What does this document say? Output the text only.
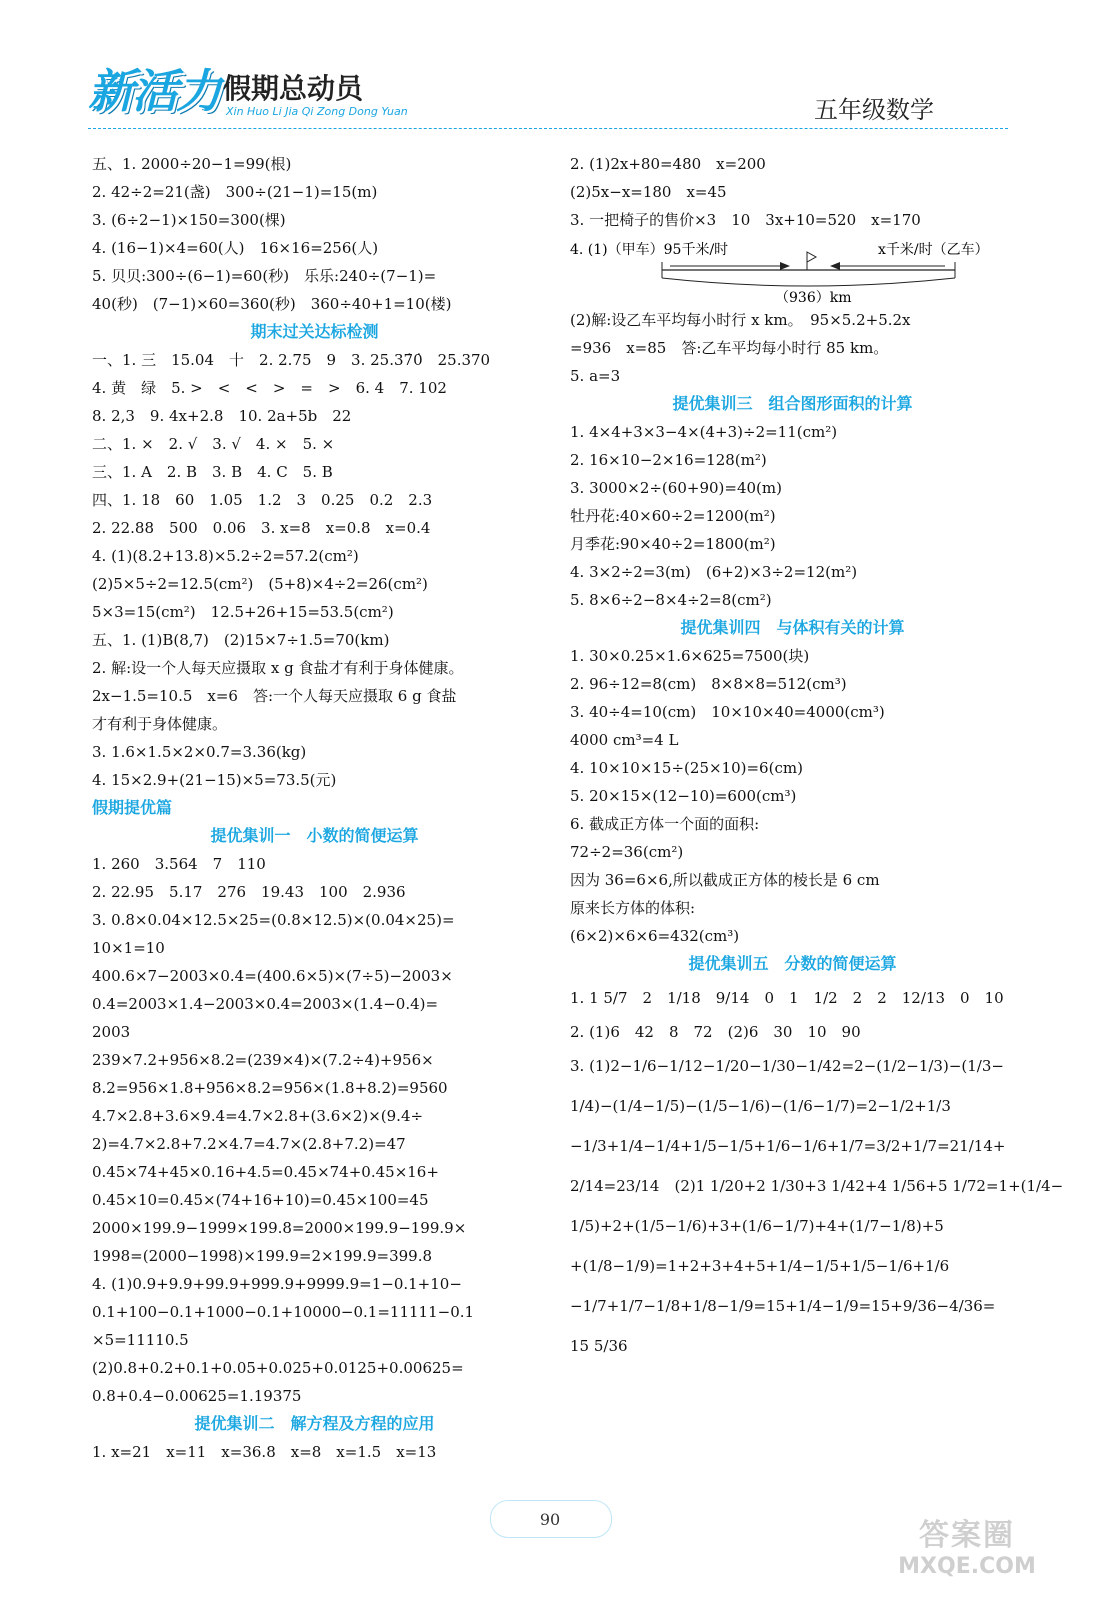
新活力 假期总动员
Xin Huo Li Jia Qi Zong Dong Yuan	五年级数学
五、1. 2000÷20−1=99(根)
2. 42÷2=21(盏)　300÷(21−1)=15(m)
3. (6÷2−1)×150=300(棵)
4. (16−1)×4=60(人)　16×16=256(人)
5. 贝贝:300÷(6−1)=60(秒)　乐乐:240÷(7−1)=
40(秒)　(7−1)×60=360(秒)　360÷40+1=10(楼)
期末过关达标检测
一、1. 三　15.04　十　2. 2.75　9　3. 25.37̇0̇　25.370
4. 黄　绿　5. >　<　<　>　=　>　6. 4　7. 102
8. 2,3　9. 4x+2.8　10. 2a+5b　22
二、1. ×　2. √　3. √　4. ×　5. ×
三、1. A　2. B　3. B　4. C　5. B
四、1. 18　60　1.05　1.2　3　0.25　0.2　2.3
2. 22.88　500　0.06　3. x=8　x=0.8　x=0.4
4. (1)(8.2+13.8)×5.2÷2=57.2(cm²)
(2)5×5÷2=12.5(cm²)　(5+8)×4÷2=26(cm²)
5×3=15(cm²)　12.5+26+15=53.5(cm²)
五、1. (1)B(8,7)　(2)15×7÷1.5=70(km)
2. 解:设一个人每天应摄取 x g 食盐才有利于身体健康。
2x−1.5=10.5　x=6　答:一个人每天应摄取 6 g 食盐
才有利于身体健康。
3. 1.6×1.5×2×0.7=3.36(kg)
4. 15×2.9+(21−15)×5=73.5(元)
假期提优篇
提优集训一　小数的简便运算
1. 260　3.564　7　110
2. 22.95　5.17　276　19.43　100　2.936
3. 0.8×0.04×12.5×25=(0.8×12.5)×(0.04×25)=
10×1=10
400.6×7−2003×0.4=(400.6×5)×(7÷5)−2003×
0.4=2003×1.4−2003×0.4=2003×(1.4−0.4)=
2003
239×7.2+956×8.2=(239×4)×(7.2÷4)+956×
8.2=956×1.8+956×8.2=956×(1.8+8.2)=9560
4.7×2.8+3.6×9.4=4.7×2.8+(3.6×2)×(9.4÷
2)=4.7×2.8+7.2×4.7=4.7×(2.8+7.2)=47
0.45×74+45×0.16+4.5=0.45×74+0.45×16+
0.45×10=0.45×(74+16+10)=0.45×100=45
2000×199.9−1999×199.8=2000×199.9−199.9×
1998=(2000−1998)×199.9=2×199.9=399.8
4. (1)0.9+9.9+99.9+999.9+9999.9=1−0.1+10−
0.1+100−0.1+1000−0.1+10000−0.1=11111−0.1
×5=11110.5
(2)0.8+0.2+0.1+0.05+0.025+0.0125+0.00625=
0.8+0.4−0.00625=1.19375
提优集训二　解方程及方程的应用
1. x=21　x=11　x=36.8　x=8　x=1.5　x=13
2. (1)2x+80=480　x=200
(2)5x−x=180　x=45
3. 一把椅子的售价×3　10　3x+10=520　x=170
4. (1)（甲车）95千米/时	x千米/时（乙车）
（936）km
(2)解:设乙车平均每小时行 x km。　95×5.2+5.2x
=936　x=85　答:乙车平均每小时行 85 km。
5. a=3
提优集训三　组合图形面积的计算
1. 4×4+3×3−4×(4+3)÷2=11(cm²)
2. 16×10−2×16=128(m²)
3. 3000×2÷(60+90)=40(m)
牡丹花:40×60÷2=1200(m²)
月季花:90×40÷2=1800(m²)
4. 3×2÷2=3(m)　(6+2)×3÷2=12(m²)
5. 8×6÷2−8×4÷2=8(cm²)
提优集训四　与体积有关的计算
1. 30×0.25×1.6×625=7500(块)
2. 96÷12=8(cm)　8×8×8=512(cm³)
3. 40÷4=10(cm)　10×10×40=4000(cm³)
4000 cm³=4 L
4. 10×10×15÷(25×10)=6(cm)
5. 20×15×(12−10)=600(cm³)
6. 截成正方体一个面的面积:
72÷2=36(cm²)
因为 36=6×6,所以截成正方体的棱长是 6 cm
原来长方体的体积:
(6×2)×6×6=432(cm³)
提优集训五　分数的简便运算
1. 1 5/7　2　1/18　9/14　0　1　1/2　2　2　12/13　0　10
2. (1)6　42　8　72　(2)6　30　10　90
3. (1)2−1/6−1/12−1/20−1/30−1/42=2−(1/2−1/3)−(1/3−
1/4)−(1/4−1/5)−(1/5−1/6)−(1/6−1/7)=2−1/2+1/3
−1/3+1/4−1/4+1/5−1/5+1/6−1/6+1/7=3/2+1/7=21/14+
2/14=23/14　(2)1 1/20+2 1/30+3 1/42+4 1/56+5 1/72=1+(1/4−
1/5)+2+(1/5−1/6)+3+(1/6−1/7)+4+(1/7−1/8)+5
+(1/8−1/9)=1+2+3+4+5+1/4−1/5+1/5−1/6+1/6
−1/7+1/7−1/8+1/8−1/9=15+1/4−1/9=15+9/36−4/36=
15 5/36
90	答案圈
MXQE.COM
